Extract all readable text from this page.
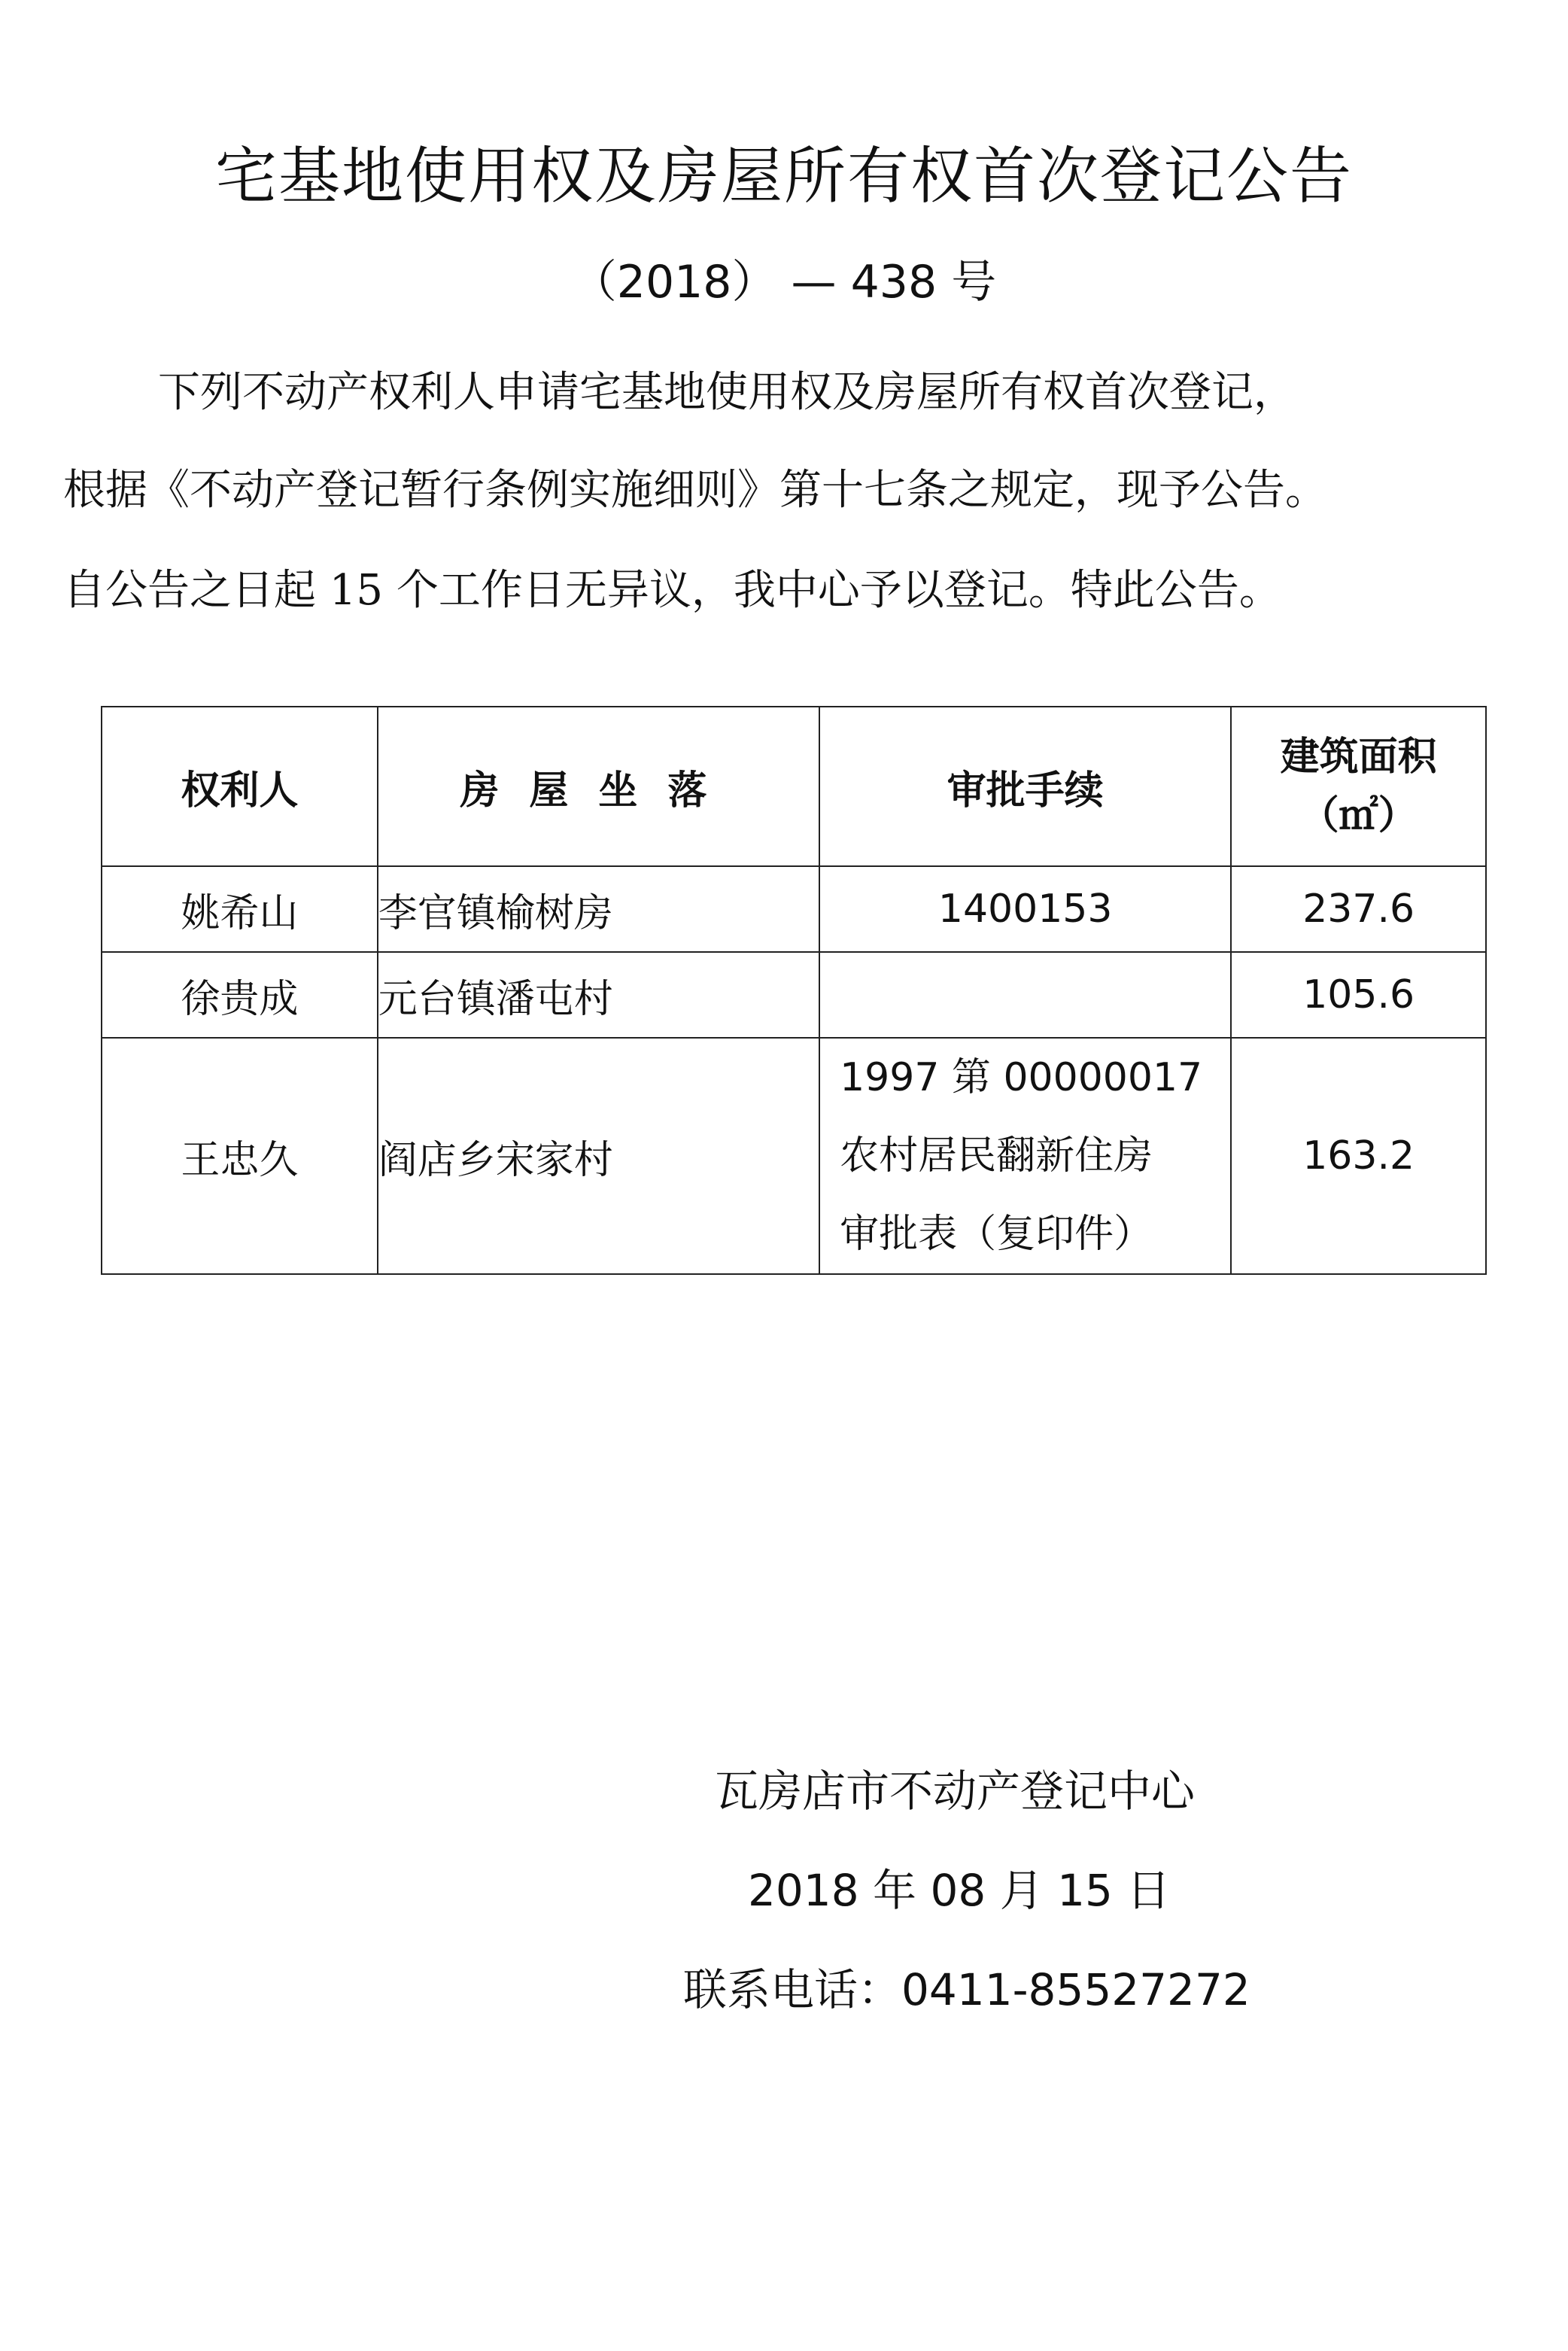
宅基地使用权及房屋所有权首次登记公告
（2018） — 438 号
下列不动产权利人申请宅基地使用权及房屋所有权首次登记，
根据《不动产登记暂行条例实施细则》第十七条之规定，现予公告。
自公告之日起 15 个工作日无异议，我中心予以登记。特此公告。
权利人	房屋坐落	审批手续	建筑面积
（㎡）

姚希山	李官镇榆树房	1400153	237.6
徐贵成	元台镇潘屯村		105.6
王忠久	阎店乡宋家村	1997 第 00000017
农村居民翻新住房
审批表（复印件）	163.2
瓦房店市不动产登记中心
2018 年 08 月 15 日
联系电话：0411-85527272
